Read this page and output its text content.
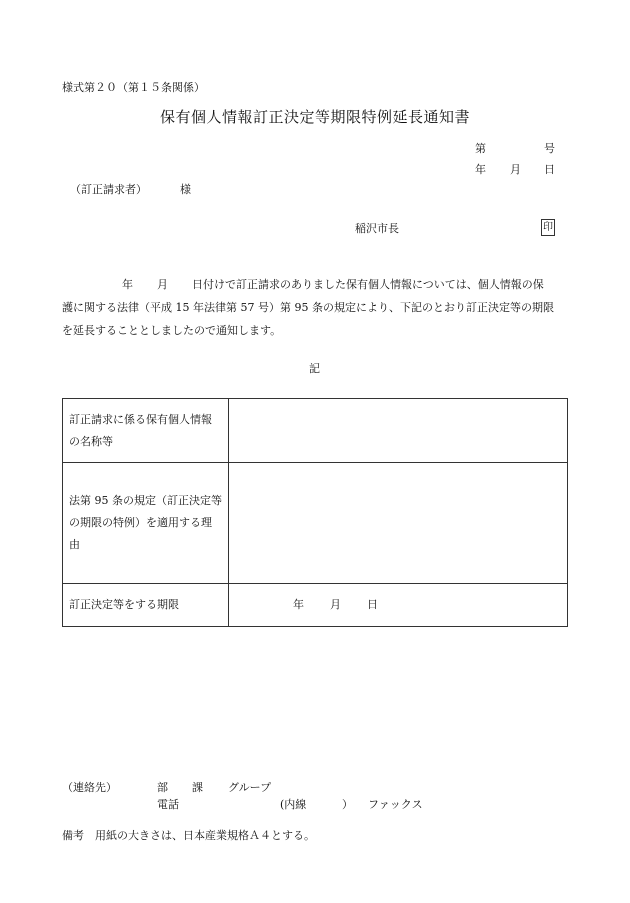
様式第２０（第１５条関係）
保有個人情報訂正決定等期限特例延長通知書
第	号
年 月 日
（訂正請求者）	様
稲沢市長	印
年 月 日付けで訂正請求のありました保有個人情報については、個人情報の保
護に関する法律（平成 15 年法律第 57 号）第 95 条の規定により、下記のとおり訂正決定等の期限
を延長することとしましたので通知します。
記
訂正請求に係る保有個人情報
の名称等	

法第 95 条の規定（訂正決定等
の期限の特例）を適用する理
由	

訂正決定等をする期限	年 月 日
（連絡先）	部 課 グループ
電話	(内線	） ファックス
備考　用紙の大きさは、日本産業規格Ａ４とする。
